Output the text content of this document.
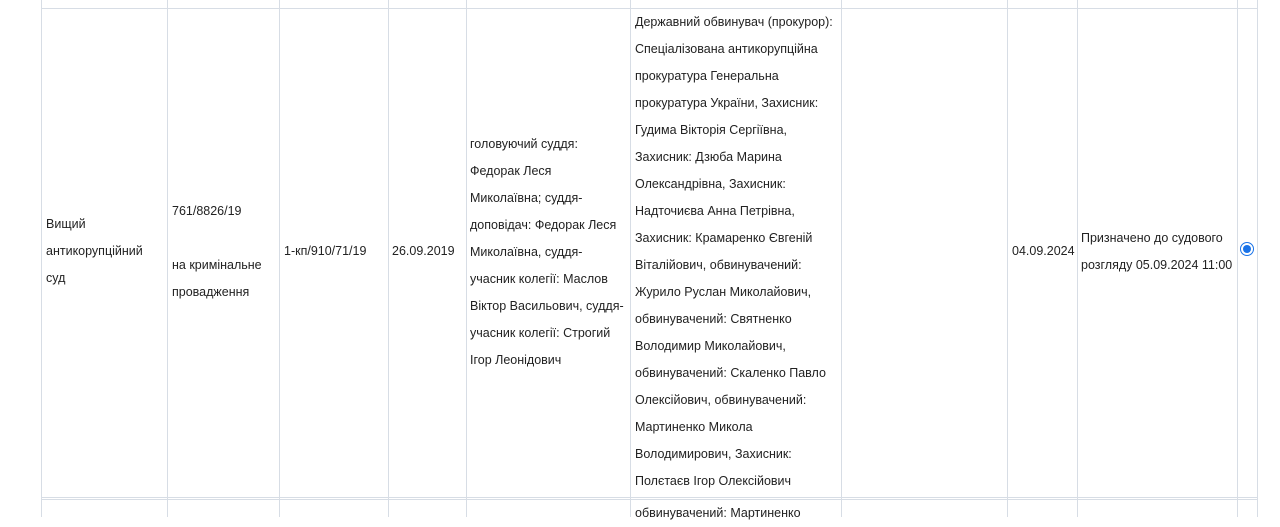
Вищий
антикорупційний
суд
761/8826/19
на кримінальне
провадження
1-кп/910/71/19	26.09.2019
головуючий суддя:
Федорак Леся
Миколаївна; суддя-
доповідач: Федорак Леся
Миколаївна, суддя-
учасник колегії: Маслов
Віктор Васильович, суддя-
учасник колегії: Строгий
Ігор Леонідович
Державний обвинувач (прокурор):
Спеціалізована антикорупційна
прокуратура Генеральна
прокуратура України, Захисник:
Гудима Вікторія Сергіївна,
Захисник: Дзюба Марина
Олександрівна, Захисник:
Надточиєва Анна Петрівна,
Захисник: Крамаренко Євгеній
Віталійович, обвинувачений:
Журило Руслан Миколайович,
обвинувачений: Святненко
Володимир Миколайович,
обвинувачений: Скаленко Павло
Олексійович, обвинувачений:
Мартиненко Микола
Володимирович, Захисник:
Полєтаєв Ігор Олексійович
04.09.2024
Призначено до судового
розгляду 05.09.2024 11:00
обвинувачений: Мартиненко
